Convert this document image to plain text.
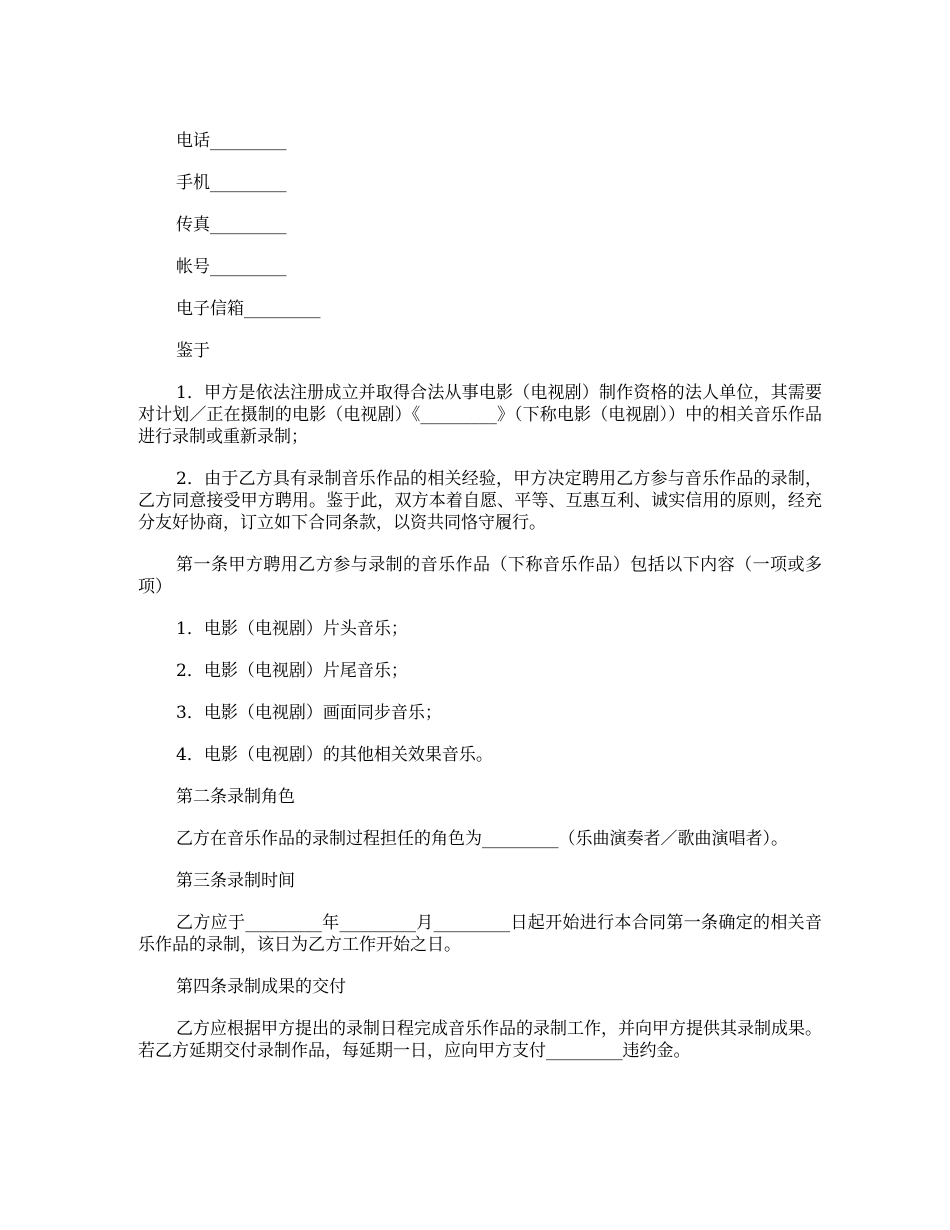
电话_________

手机_________

传真_________

帐号_________

电子信箱_________

鉴于

1．甲方是依法注册成立并取得合法从事电影（电视剧）制作资格的法人单位，其需要对计划／正在摄制的电影（电视剧）《_________》（下称电影（电视剧））中的相关音乐作品进行录制或重新录制；

2．由于乙方具有录制音乐作品的相关经验，甲方决定聘用乙方参与音乐作品的录制，乙方同意接受甲方聘用。鉴于此，双方本着自愿、平等、互惠互利、诚实信用的原则，经充分友好协商，订立如下合同条款，以资共同恪守履行。

第一条甲方聘用乙方参与录制的音乐作品（下称音乐作品）包括以下内容（一项或多项）

1．电影（电视剧）片头音乐；

2．电影（电视剧）片尾音乐；

3．电影（电视剧）画面同步音乐；

4．电影（电视剧）的其他相关效果音乐。

第二条录制角色

乙方在音乐作品的录制过程担任的角色为_________（乐曲演奏者／歌曲演唱者）。

第三条录制时间

乙方应于_________年_________月_________日起开始进行本合同第一条确定的相关音乐作品的录制，该日为乙方工作开始之日。

第四条录制成果的交付

乙方应根据甲方提出的录制日程完成音乐作品的录制工作，并向甲方提供其录制成果。若乙方延期交付录制作品，每延期一日，应向甲方支付_________违约金。
